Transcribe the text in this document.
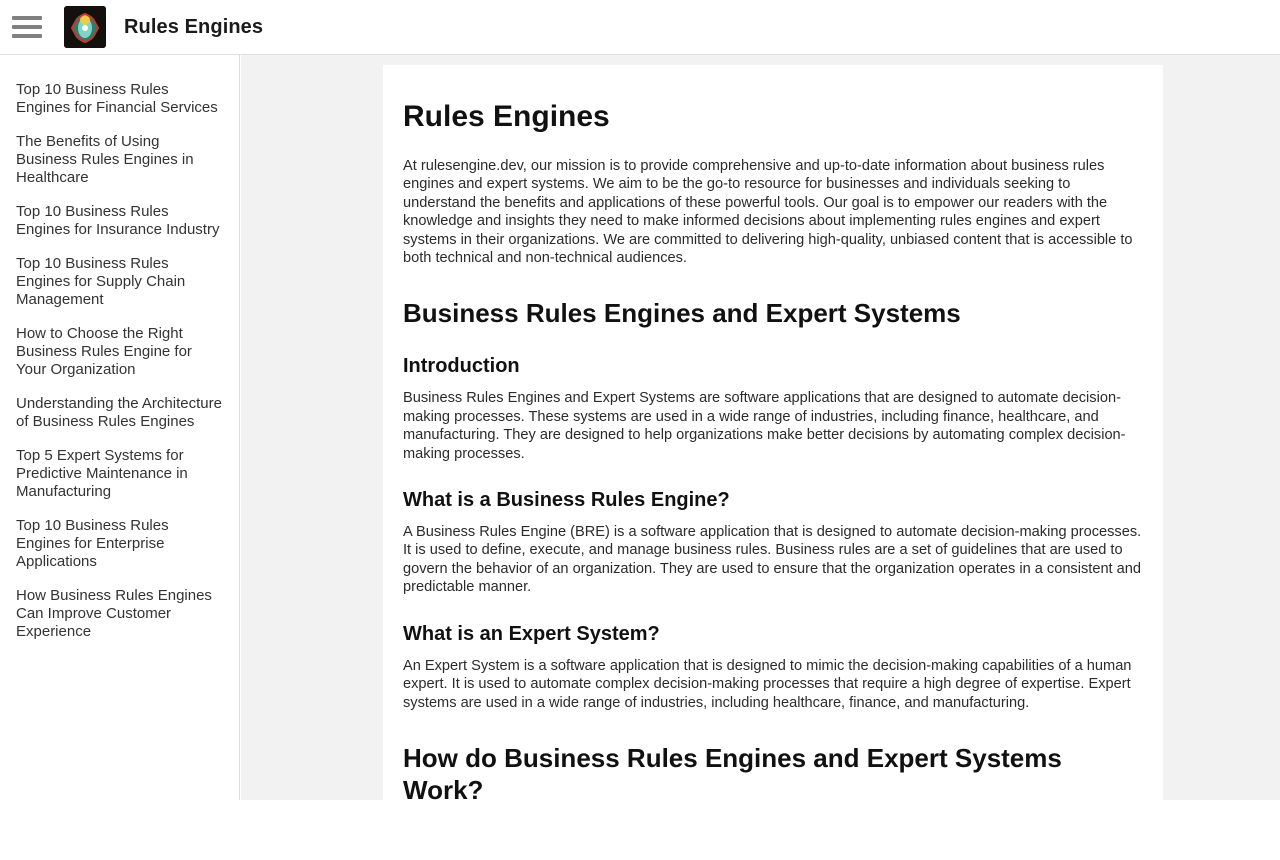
Rules Engines
Top 10 Business Rules Engines for Financial Services
The Benefits of Using Business Rules Engines in Healthcare
Top 10 Business Rules Engines for Insurance Industry
Top 10 Business Rules Engines for Supply Chain Management
How to Choose the Right Business Rules Engine for Your Organization
Understanding the Architecture of Business Rules Engines
Top 5 Expert Systems for Predictive Maintenance in Manufacturing
Top 10 Business Rules Engines for Enterprise Applications
How Business Rules Engines Can Improve Customer Experience
Rules Engines

At rulesengine.dev, our mission is to provide comprehensive and up-to-date information about business rules engines and expert systems. We aim to be the go-to resource for businesses and individuals seeking to understand the benefits and applications of these powerful tools. Our goal is to empower our readers with the knowledge and insights they need to make informed decisions about implementing rules engines and expert systems in their organizations. We are committed to delivering high-quality, unbiased content that is accessible to both technical and non-technical audiences.

Business Rules Engines and Expert Systems
Introduction

Business Rules Engines and Expert Systems are software applications that are designed to automate decision-making processes. These systems are used in a wide range of industries, including finance, healthcare, and manufacturing. They are designed to help organizations make better decisions by automating complex decision-making processes.

What is a Business Rules Engine?

A Business Rules Engine (BRE) is a software application that is designed to automate decision-making processes. It is used to define, execute, and manage business rules. Business rules are a set of guidelines that are used to govern the behavior of an organization. They are used to ensure that the organization operates in a consistent and predictable manner.

What is an Expert System?

An Expert System is a software application that is designed to mimic the decision-making capabilities of a human expert. It is used to automate complex decision-making processes that require a high degree of expertise. Expert systems are used in a wide range of industries, including healthcare, finance, and manufacturing.

How do Business Rules Engines and Expert Systems Work?
